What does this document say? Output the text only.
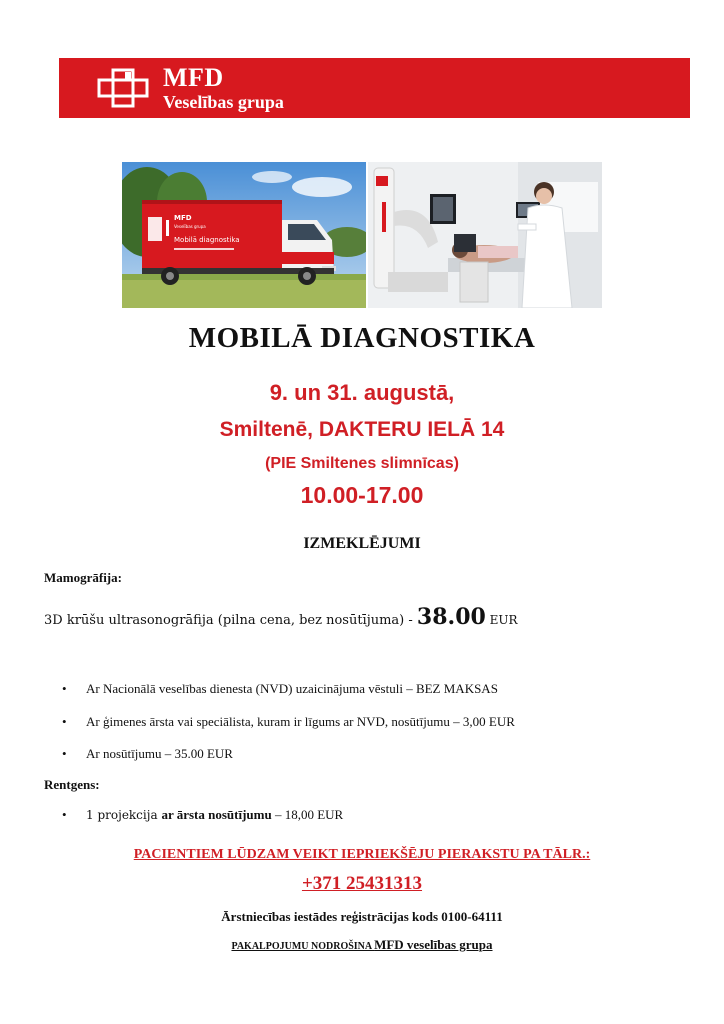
MFD
Veselības grupa
MFD
Veselības grupa
Mobilā diagnostika
MOBILĀ DIAGNOSTIKA
9. un 31. augustā,
Smiltenē, DAKTERU IELĀ 14
(PIE Smiltenes slimnīcas)
10.00-17.00
IZMEKLĒJUMI
Mamogrāfija:
3D krūšu ultrasonogrāfija (pilna cena, bez nosūtījuma) - 38.00 EUR
• Ar Nacionālā veselības dienesta (NVD) uzaicinājuma vēstuli – BEZ MAKSAS
• Ar ģimenes ārsta vai speciālista, kuram ir līgums ar NVD, nosūtījumu – 3,00 EUR
• Ar nosūtījumu – 35.00 EUR
Rentgens:
• 1 projekcija ar ārsta nosūtījumu – 18,00 EUR
PACIENTIEM LŪDZAM VEIKT IEPRIEKŠĒJU PIERAKSTU PA TĀLR.:
+371 25431313
Ārstniecības iestādes reģistrācijas kods 0100-64111
PAKALPOJUMU NODROŠINA MFD veselības grupa
